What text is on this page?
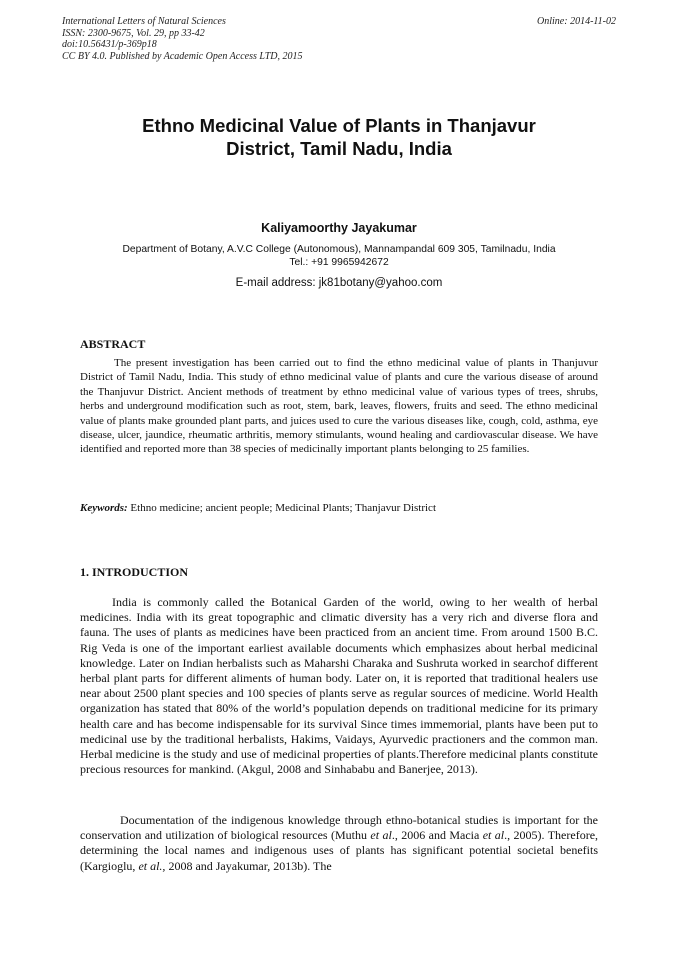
International Letters of Natural Sciences
ISSN: 2300-9675, Vol. 29, pp 33-42
doi:10.56431/p-369p18
CC BY 4.0. Published by Academic Open Access LTD, 2015
Online: 2014-11-02
Ethno Medicinal Value of Plants in Thanjavur
District, Tamil Nadu, India
Kaliyamoorthy Jayakumar
Department of Botany, A.V.C College (Autonomous), Mannampandal 609 305, Tamilnadu, India
Tel.: +91 9965942672
E-mail address: jk81botany@yahoo.com
ABSTRACT
The present investigation has been carried out to find the ethno medicinal value of plants in Thanjuvur District of Tamil Nadu, India. This study of ethno medicinal value of plants and cure the various disease of around the Thanjuvur District. Ancient methods of treatment by ethno medicinal value of various types of trees, shrubs, herbs and underground modification such as root, stem, bark, leaves, flowers, fruits and seed. The ethno medicinal value of plants make grounded plant parts, and juices used to cure the various diseases like, cough, cold, asthma, eye disease, ulcer, jaundice, rheumatic arthritis, memory stimulants, wound healing and cardiovascular disease. We have identified and reported more than 38 species of medicinally important plants belonging to 25 families.
Keywords: Ethno medicine; ancient people; Medicinal Plants; Thanjavur District
1. INTRODUCTION
India is commonly called the Botanical Garden of the world, owing to her wealth of herbal medicines. India with its great topographic and climatic diversity has a very rich and diverse flora and fauna. The uses of plants as medicines have been practiced from an ancient time. From around 1500 B.C. Rig Veda is one of the important earliest available documents which emphasizes about herbal medicinal knowledge. Later on Indian herbalists such as Maharshi Charaka and Sushruta worked in searchof different herbal plant parts for different aliments of human body. Later on, it is reported that traditional healers use near about 2500 plant species and 100 species of plants serve as regular sources of medicine. World Health organization has stated that 80% of the world’s population depends on traditional medicine for its primary health care and has become indispensable for its survival Since times immemorial, plants have been put to medicinal use by the traditional herbalists, Hakims, Vaidays, Ayurvedic practioners and the common man. Herbal medicine is the study and use of medicinal properties of plants.Therefore medicinal plants constitute precious resources for mankind. (Akgul, 2008 and Sinhababu and Banerjee, 2013).
Documentation of the indigenous knowledge through ethno-botanical studies is important for the conservation and utilization of biological resources (Muthu et al., 2006 and Macia et al., 2005). Therefore, determining the local names and indigenous uses of plants has significant potential societal benefits (Kargioglu, et al., 2008 and Jayakumar, 2013b). The
